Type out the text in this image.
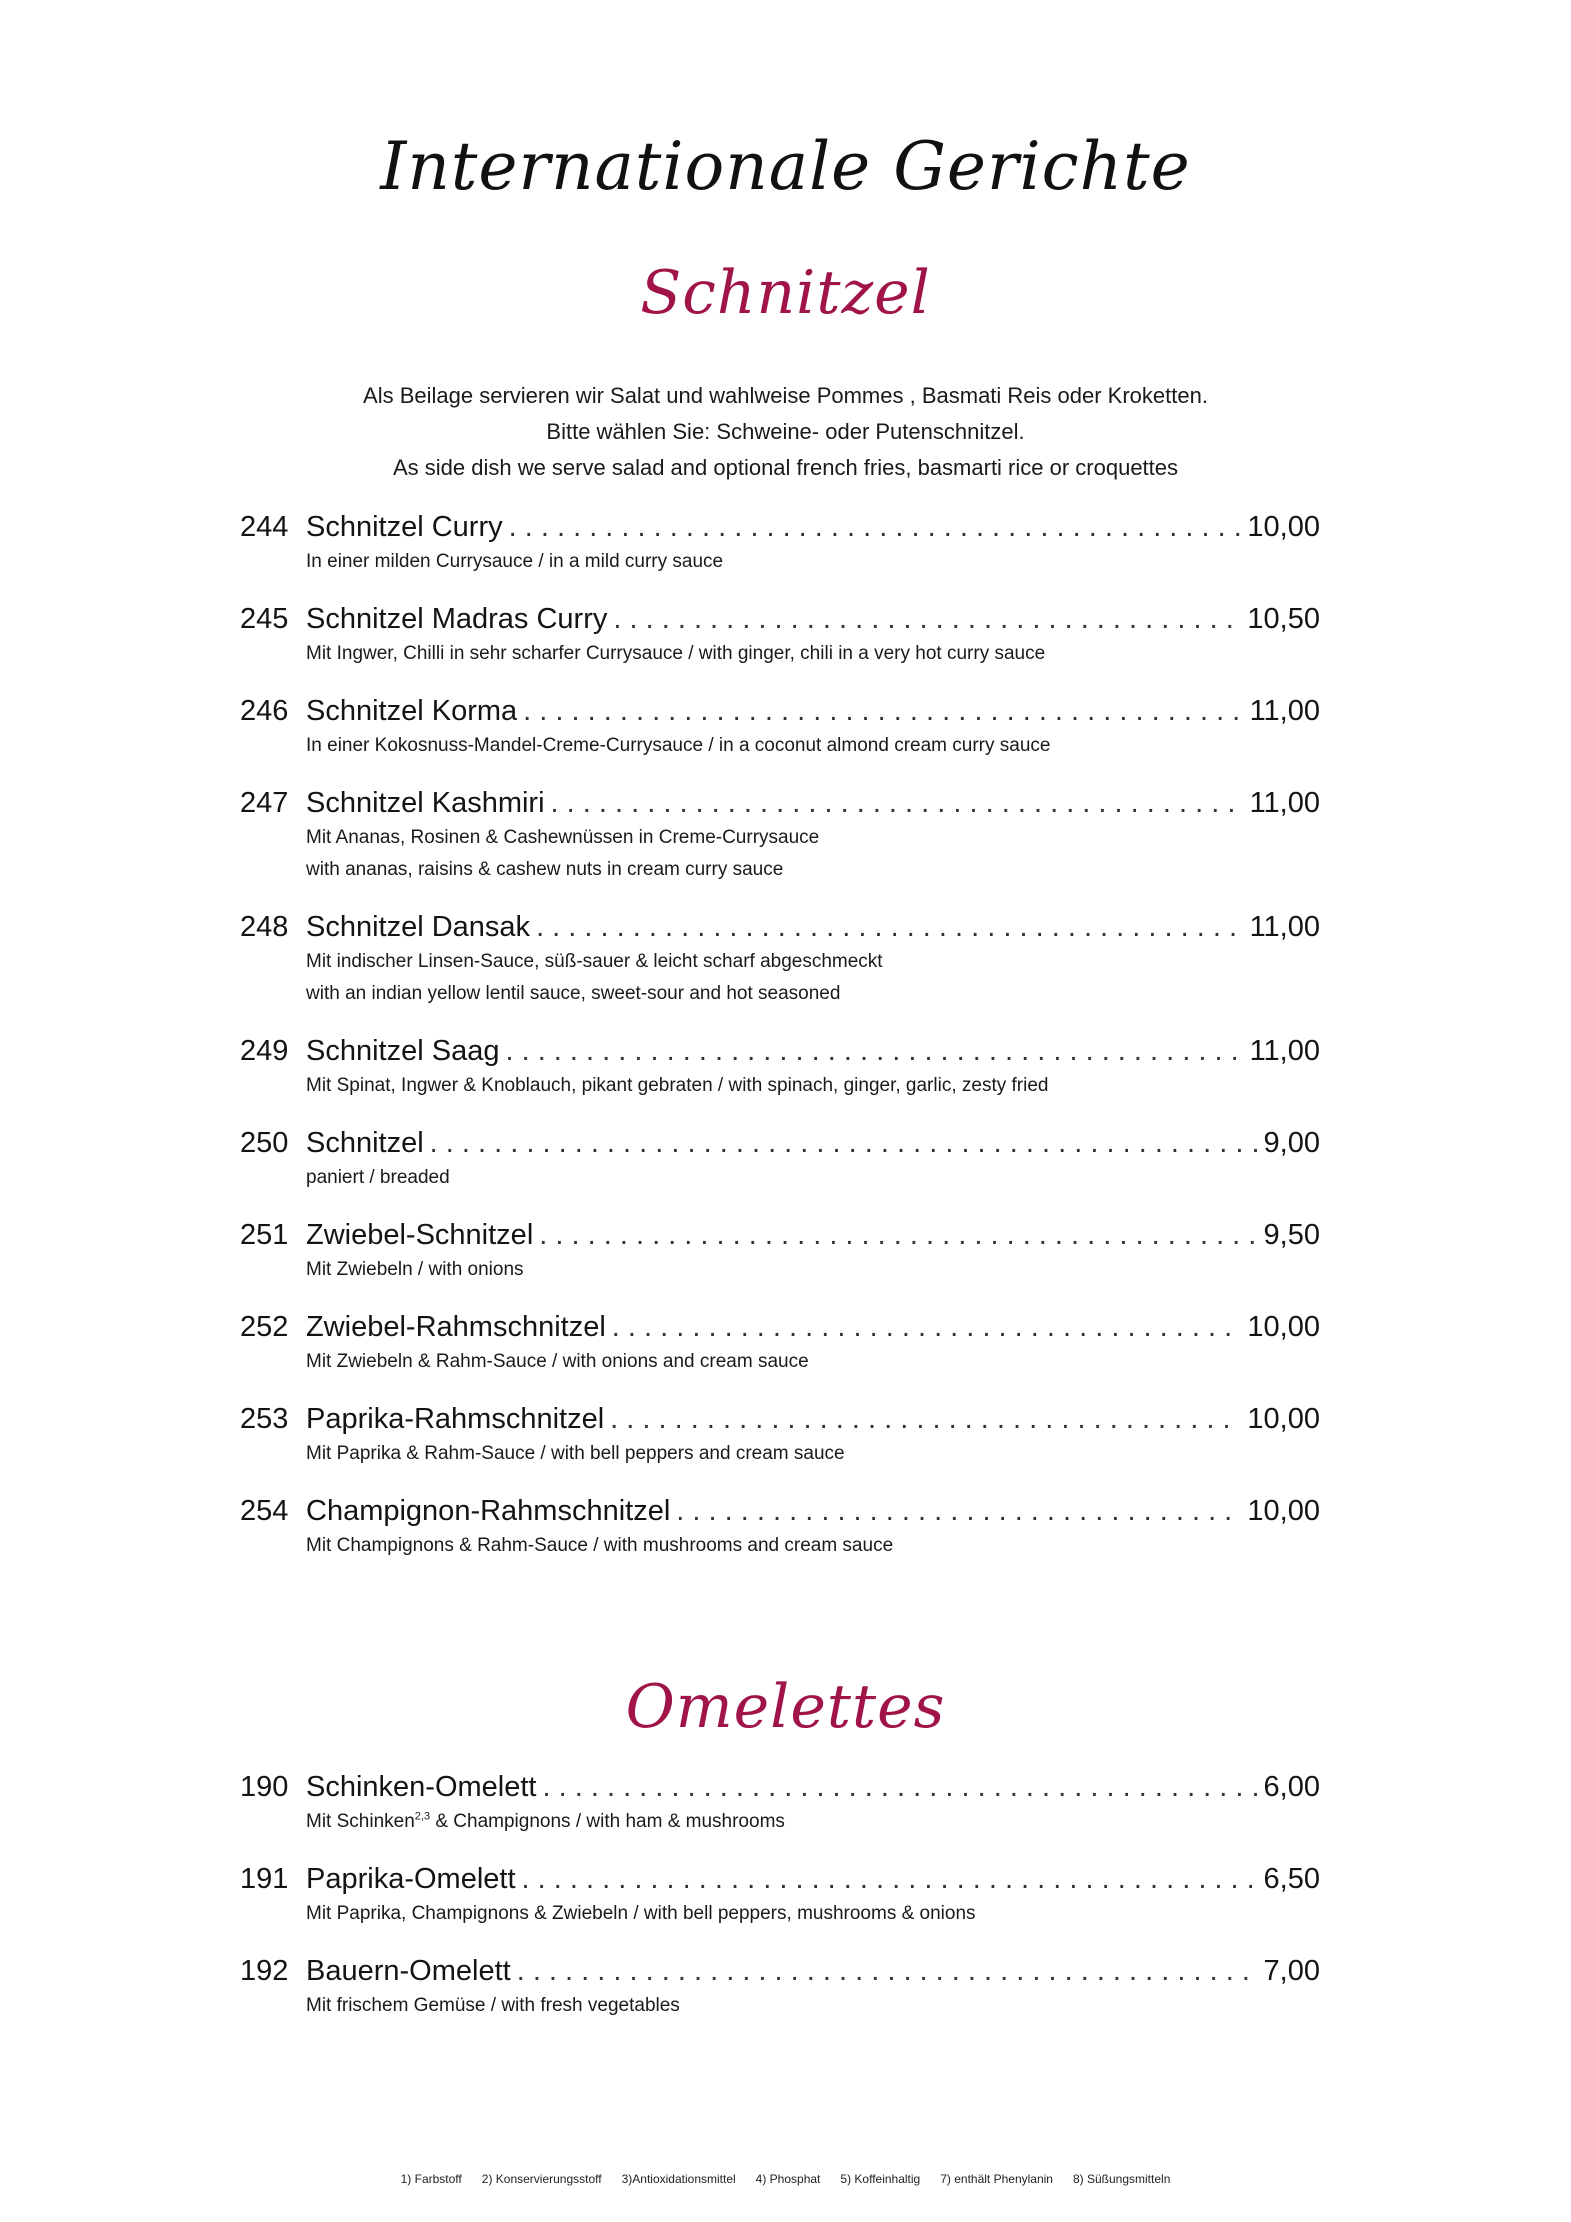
Internationale Gerichte
Schnitzel
Als Beilage servieren wir Salat und wahlweise Pommes , Basmati Reis oder Kroketten.
Bitte wählen Sie: Schweine- oder Putenschnitzel.
As side dish we serve salad and optional french fries, basmarti rice or croquettes
244 Schnitzel Curry . . .	10,00
In einer milden Currysauce / in a mild curry sauce
245 Schnitzel Madras Curry . . .	10,50
Mit Ingwer, Chilli in sehr scharfer Currysauce / with ginger, chili in a very hot curry sauce
246 Schnitzel Korma . . .	11,00
In einer Kokosnuss-Mandel-Creme-Currysauce / in a coconut almond cream curry sauce
247 Schnitzel Kashmiri . . .	11,00
Mit Ananas, Rosinen & Cashewnüssen in Creme-Currysauce
with ananas, raisins & cashew nuts in cream curry sauce
248 Schnitzel Dansak . . .	11,00
Mit indischer Linsen-Sauce, süß-sauer & leicht scharf abgeschmeckt
with an indian yellow lentil sauce, sweet-sour and hot seasoned
249 Schnitzel Saag . . .	11,00
Mit Spinat, Ingwer & Knoblauch, pikant gebraten / with spinach, ginger, garlic, zesty fried
250 Schnitzel . . .	9,00
paniert / breaded
251 Zwiebel-Schnitzel . . .	9,50
Mit Zwiebeln / with onions
252 Zwiebel-Rahmschnitzel . . .	10,00
Mit Zwiebeln & Rahm-Sauce / with onions and cream sauce
253 Paprika-Rahmschnitzel . . .	10,00
Mit Paprika & Rahm-Sauce / with bell peppers and cream sauce
254 Champignon-Rahmschnitzel . . .	10,00
Mit Champignons & Rahm-Sauce / with mushrooms and cream sauce
Omelettes
190 Schinken-Omelett . . .	6,00
Mit Schinken$^{2,3}$ & Champignons / with ham & mushrooms
191 Paprika-Omelett . . .	6,50
Mit Paprika, Champignons & Zwiebeln / with bell peppers, mushrooms & onions
192 Bauern-Omelett . . .	7,00
Mit frischem Gemüse / with fresh vegetables
1) Farbstoff 2) Konservierungsstoff 3)Antioxidationsmittel 4) Phosphat 5) Koffeinhaltig 7) enthält Phenylanin 8) Süßungsmitteln
